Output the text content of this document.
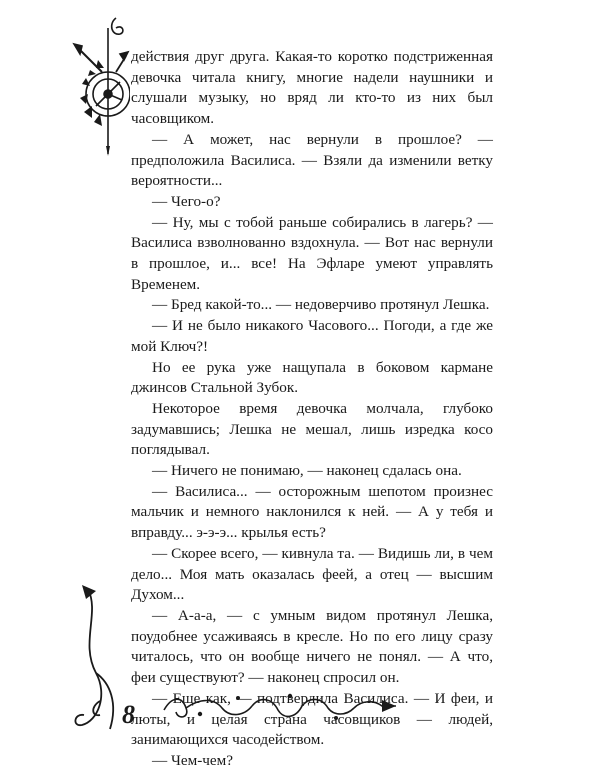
действия друг друга. Какая-то коротко подстриженная девочка читала книгу, многие надели наушники и слушали музыку, но вряд ли кто-то из них был часовщиком.

— А может, нас вернули в прошлое? — предположила Василиса. — Взяли да изменили ветку вероятности...

— Чего-о?

— Ну, мы с тобой раньше собирались в лагерь? — Василиса взволнованно вздохнула. — Вот нас вернули в прошлое, и... все! На Эфларе умеют управлять Временем.

— Бред какой-то... — недоверчиво протянул Лешка.

— И не было никакого Часового... Погоди, а где же мой Ключ?!

Но ее рука уже нащупала в боковом кармане джинсов Стальной Зубок.

Некоторое время девочка молчала, глубоко задумавшись; Лешка не мешал, лишь изредка косо поглядывал.

— Ничего не понимаю, — наконец сдалась она.

— Василиса... — осторожным шепотом произнес мальчик и немного наклонился к ней. — А у тебя и вправду... э-э-э... крылья есть?

— Скорее всего, — кивнула та. — Видишь ли, в чем дело... Моя мать оказалась феей, а отец — высшим Духом...

— А-а-а, — с умным видом протянул Лешка, поудобнее усаживаясь в кресле. Но по его лицу сразу читалось, что он вообще ничего не понял. — А что, феи существуют? — наконец спросил он.

— Еще как, — подтвердила Василиса. — И феи, и люты, и целая страна часовщиков — людей, занимающихся часодейством.

— Чем-чем?

8
